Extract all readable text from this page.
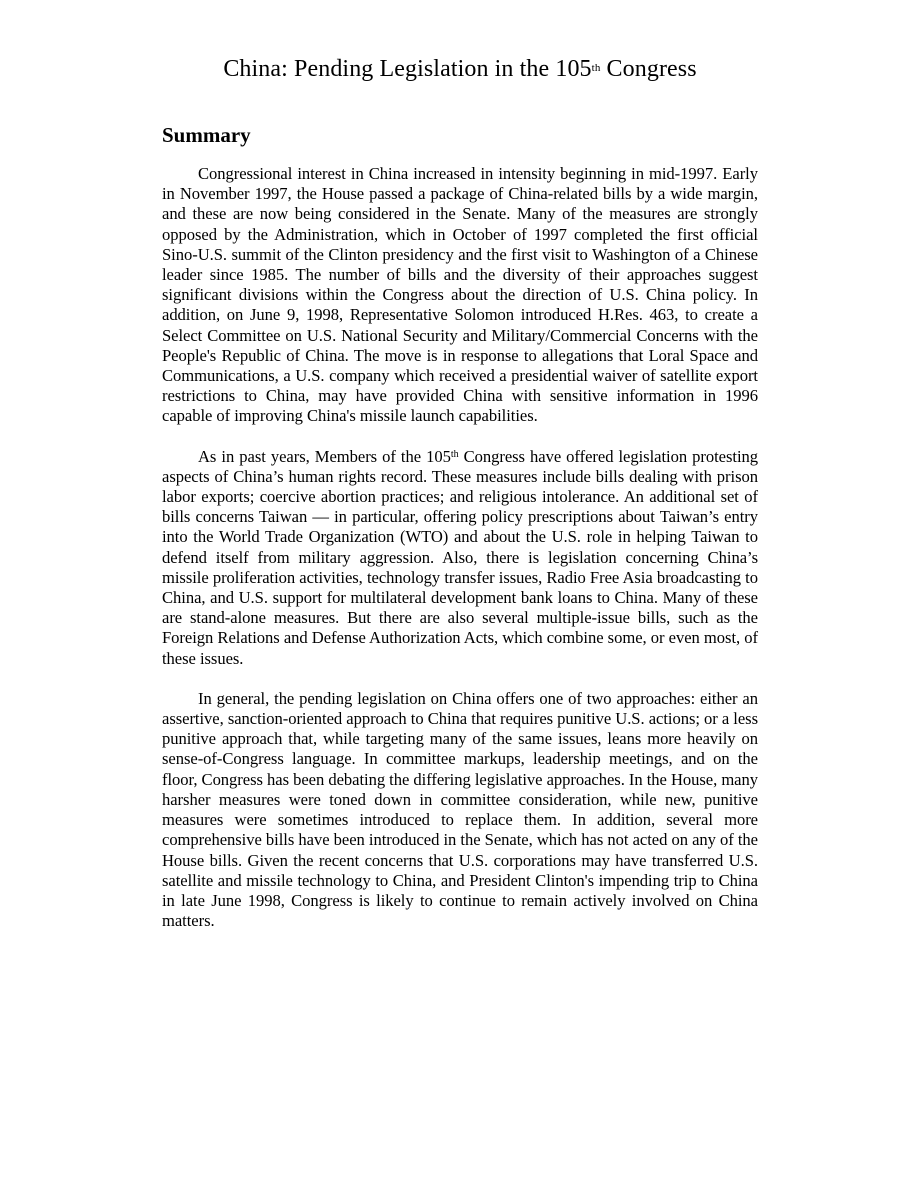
China: Pending Legislation in the 105th Congress
Summary

Congressional interest in China increased in intensity beginning in mid-1997. Early in November 1997, the House passed a package of China-related bills by a wide margin, and these are now being considered in the Senate. Many of the measures are strongly opposed by the Administration, which in October of 1997 completed the first official Sino-U.S. summit of the Clinton presidency and the first visit to Washington of a Chinese leader since 1985. The number of bills and the diversity of their approaches suggest significant divisions within the Congress about the direction of U.S. China policy. In addition, on June 9, 1998, Representative Solomon introduced H.Res. 463, to create a Select Committee on U.S. National Security and Military/Commercial Concerns with the People's Republic of China. The move is in response to allegations that Loral Space and Communications, a U.S. company which received a presidential waiver of satellite export restrictions to China, may have provided China with sensitive information in 1996 capable of improving China's missile launch capabilities.

As in past years, Members of the 105th Congress have offered legislation protesting aspects of China’s human rights record. These measures include bills dealing with prison labor exports; coercive abortion practices; and religious intolerance. An additional set of bills concerns Taiwan — in particular, offering policy prescriptions about Taiwan’s entry into the World Trade Organization (WTO) and about the U.S. role in helping Taiwan to defend itself from military aggression. Also, there is legislation concerning China’s missile proliferation activities, technology transfer issues, Radio Free Asia broadcasting to China, and U.S. support for multilateral development bank loans to China. Many of these are stand-alone measures. But there are also several multiple-issue bills, such as the Foreign Relations and Defense Authorization Acts, which combine some, or even most, of these issues.

In general, the pending legislation on China offers one of two approaches: either an assertive, sanction-oriented approach to China that requires punitive U.S. actions; or a less punitive approach that, while targeting many of the same issues, leans more heavily on sense-of-Congress language. In committee markups, leadership meetings, and on the floor, Congress has been debating the differing legislative approaches. In the House, many harsher measures were toned down in committee consideration, while new, punitive measures were sometimes introduced to replace them. In addition, several more comprehensive bills have been introduced in the Senate, which has not acted on any of the House bills. Given the recent concerns that U.S. corporations may have transferred U.S. satellite and missile technology to China, and President Clinton's impending trip to China in late June 1998, Congress is likely to continue to remain actively involved on China matters.
